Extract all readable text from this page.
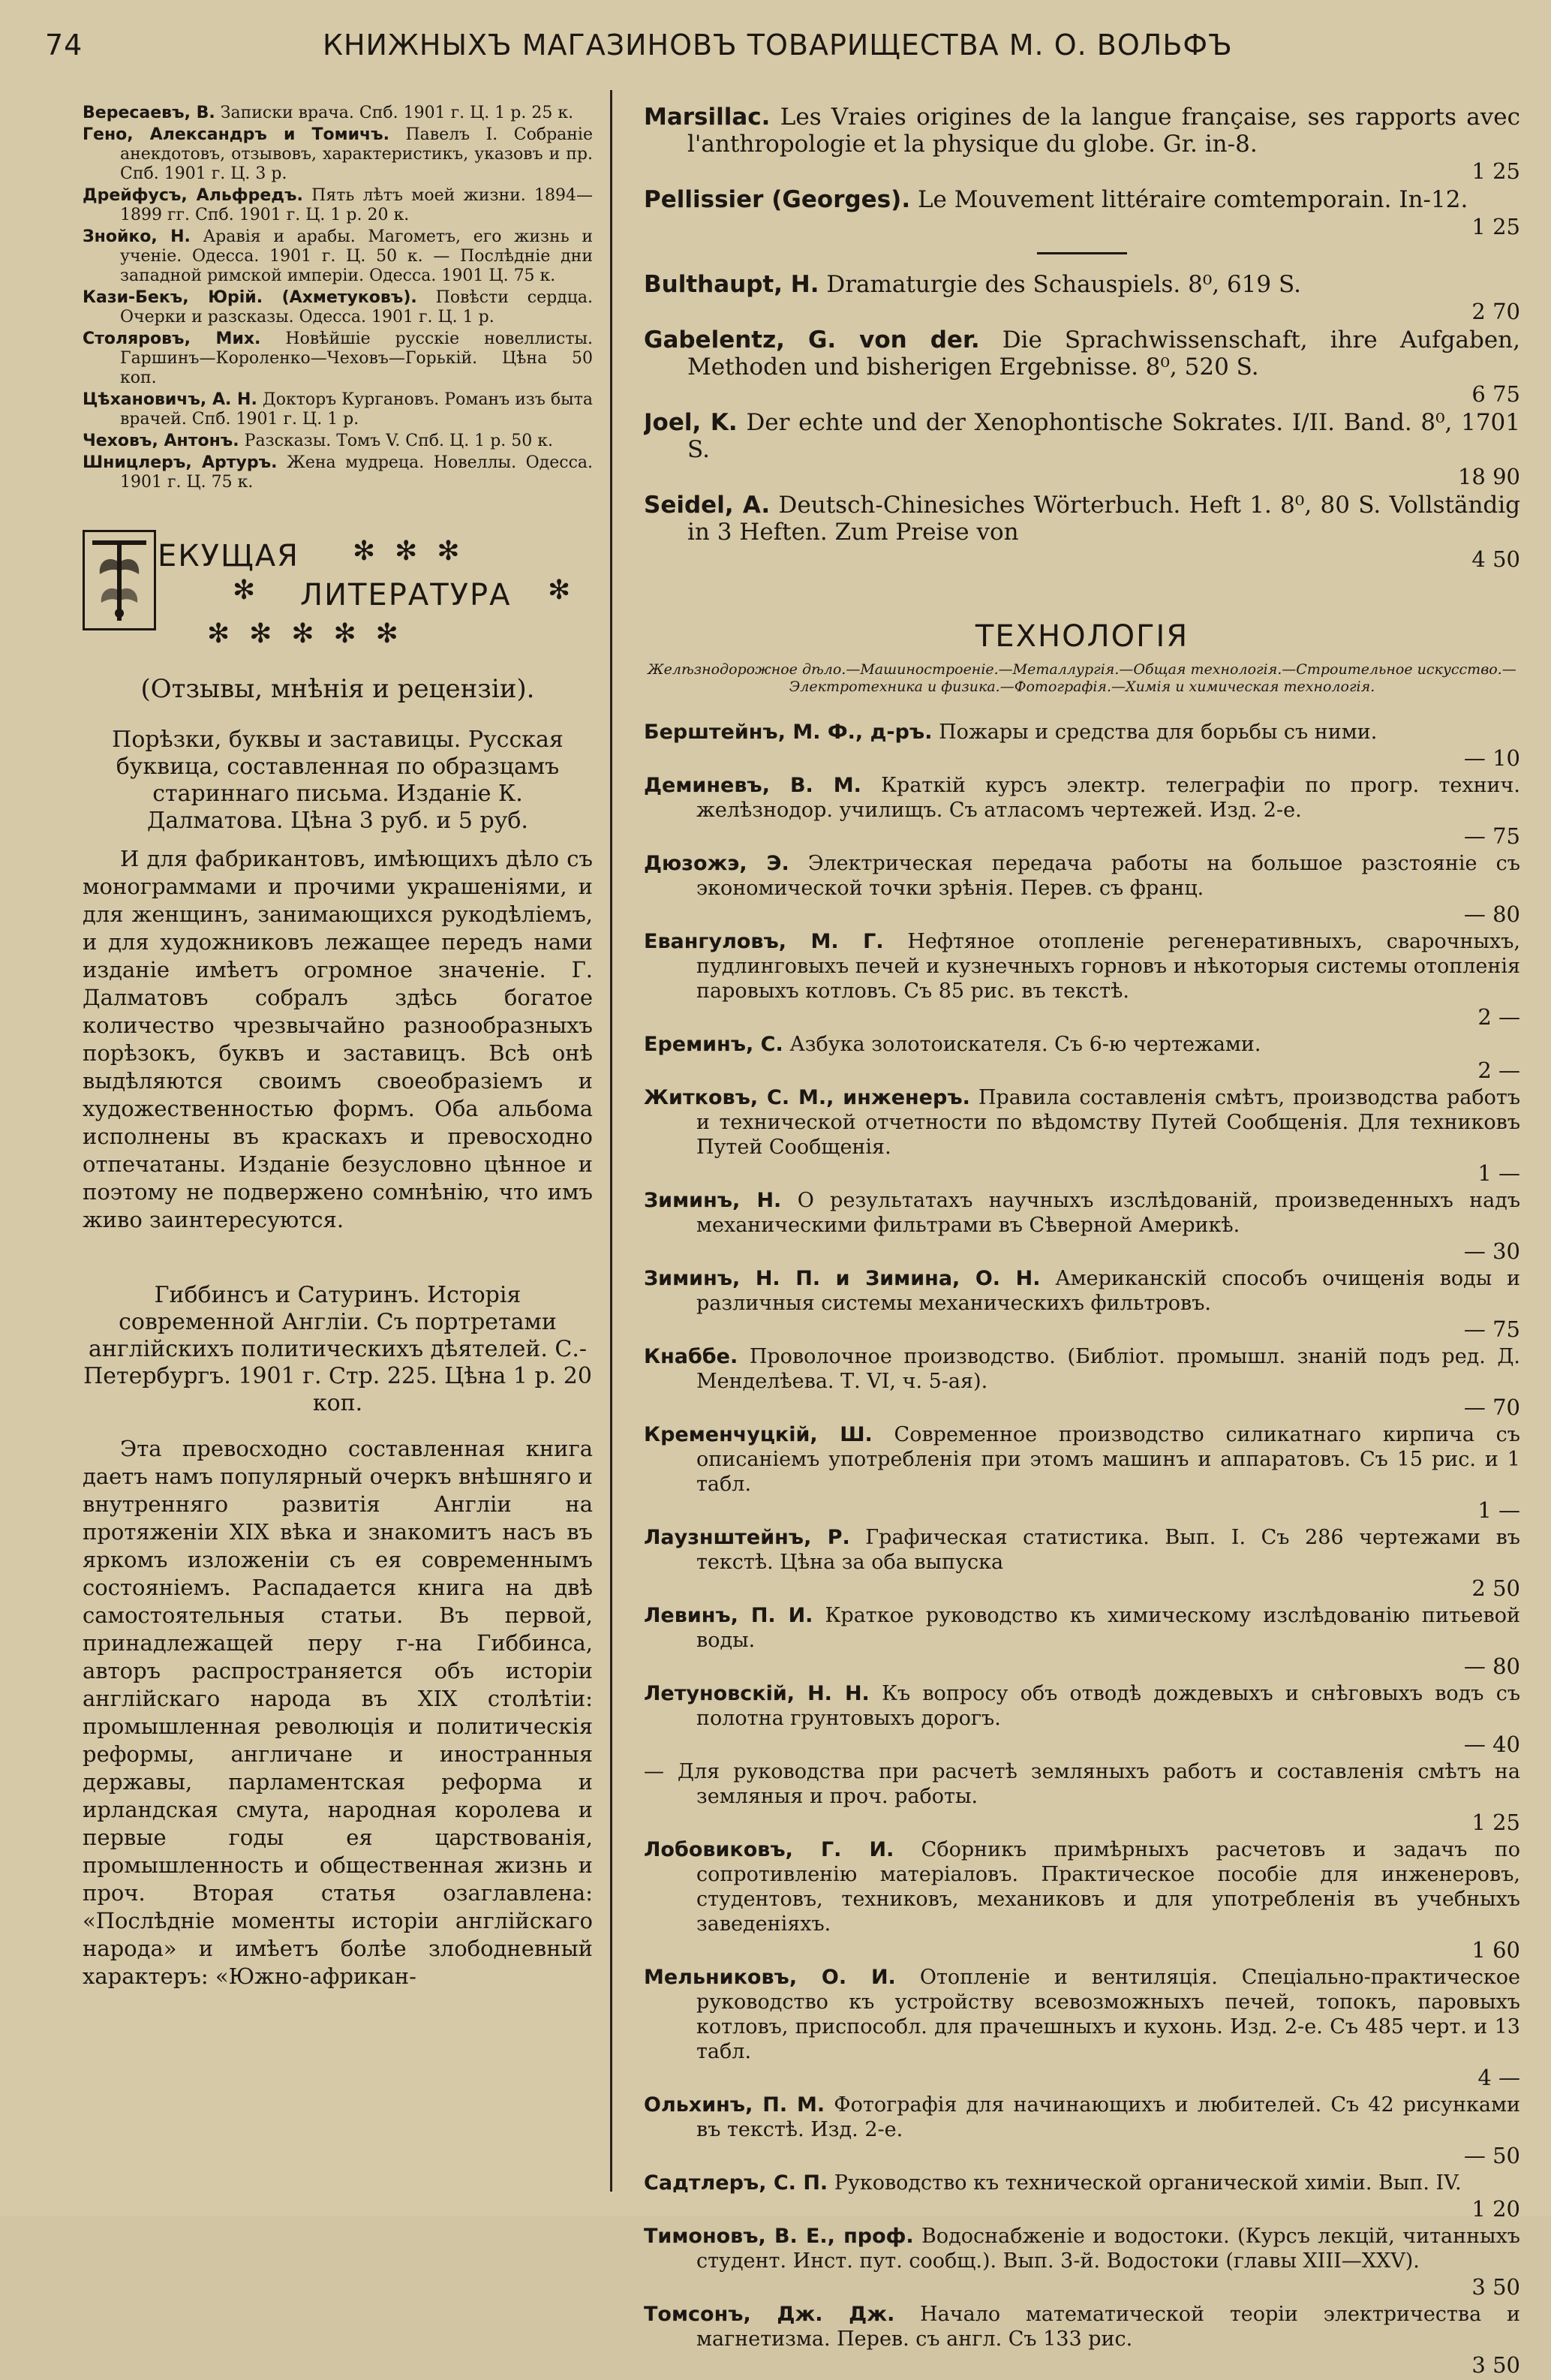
74	КНИЖНЫХЪ МАГАЗИНОВЪ ТОВАРИЩЕСТВА М. О. ВОЛЬФЪ
Вересаевъ, В. Записки врача. Спб. 1901 г. Ц. 1 р. 25 к.
Гено, Александръ и Томичъ. Павелъ I. Собраніе анекдотовъ, отзывовъ, характеристикъ, указовъ и пр. Спб. 1901 г. Ц. 3 р.
Дрейфусъ, Альфредъ. Пять лѣтъ моей жизни. 1894—1899 гг. Спб. 1901 г. Ц. 1 р. 20 к.
Знойко, Н. Аравія и арабы. Магометъ, его жизнь и ученіе. Одесса. 1901 г. Ц. 50 к. — Послѣдніе дни западной римской имперіи. Одесса. 1901 Ц. 75 к.
Кази-Бекъ, Юрій. (Ахметуковъ). Повѣсти сердца. Очерки и разсказы. Одесса. 1901 г. Ц. 1 р.
Столяровъ, Мих. Новѣйшіе русскіе новеллисты. Гаршинъ—Короленко—Чеховъ—Горькій. Цѣна 50 коп.
Цѣхановичъ, А. Н. Докторъ Кургановъ. Романъ изъ быта врачей. Спб. 1901 г. Ц. 1 р.
Чеховъ, Антонъ. Разсказы. Томъ V. Спб. Ц. 1 р. 50 к.
Шницлеръ, Артуръ. Жена мудреца. Новеллы. Одесса. 1901 г. Ц. 75 к.
ЕКУЩАЯ ✻✻✻
✻ ЛИТЕРАТУРА ✻
✻✻✻✻✻
(Отзывы, мнѣнія и рецензіи).
Порѣзки, буквы и заставицы. Русская буквица, составленная по образцамъ стариннаго письма. Изданіе К. Далматова. Цѣна 3 руб. и 5 руб.

И для фабрикантовъ, имѣющихъ дѣло съ монограммами и прочими украшеніями, и для женщинъ, занимающихся рукодѣліемъ, и для художниковъ лежащее передъ нами изданіе имѣетъ огромное значеніе. Г. Далматовъ собралъ здѣсь богатое количество чрезвычайно разнообразныхъ порѣзокъ, буквъ и заставицъ. Всѣ онѣ выдѣляются своимъ своеобразіемъ и художественностью формъ. Оба альбома исполнены въ краскахъ и превосходно отпечатаны. Изданіе безусловно цѣнное и поэтому не подвержено сомнѣнію, что имъ живо заинтересуются.

Гиббинсъ и Сатуринъ. Исторія современной Англіи. Съ портретами англійскихъ политическихъ дѣятелей. С.-Петербургъ. 1901 г. Стр. 225. Цѣна 1 р. 20 коп.

Эта превосходно составленная книга даетъ намъ популярный очеркъ внѣшняго и внутренняго развитія Англіи на протяженіи XIX вѣка и знакомитъ насъ въ яркомъ изложеніи съ ея современнымъ состояніемъ. Распадается книга на двѣ самостоятельныя статьи. Въ первой, принадлежащей перу г-на Гиббинса, авторъ распространяется объ исторіи англійскаго народа въ XIX столѣтіи: промышленная революція и политическія реформы, англичане и иностранныя державы, парламентская реформа и ирландская смута, народная королева и первые годы ея царствованія, промышленность и общественная жизнь и проч. Вторая статья озаглавлена: «Послѣдніе моменты исторіи англійскаго народа» и имѣетъ болѣе злободневный характеръ: «Южно-африкан-

Marsillac. Les Vraies origines de la langue française, ses rapports avec l'anthropologie et la physique du globe. Gr. in-8.
1 25
Pellissier (Georges). Le Mouvement littéraire comtemporain. In-12.
1 25
Bulthaupt, H. Dramaturgie des Schauspiels. 8⁰, 619 S.
2 70
Gabelentz, G. von der. Die Sprachwissenschaft, ihre Aufgaben, Methoden und bisherigen Ergebnisse. 8⁰, 520 S.
6 75
Joel, K. Der echte und der Xenophontische Sokrates. I/II. Band. 8⁰, 1701 S.
18 90
Seidel, A. Deutsch-Chinesiches Wörterbuch. Heft 1. 8⁰, 80 S. Vollständig in 3 Heften. Zum Preise von
4 50
ТЕХНОЛОГІЯ
Желѣзнодорожное дѣло.—Машиностроеніе.—Металлургія.—Общая технологія.—Строительное искусство.—Электротехника и физика.—Фотографія.—Химія и химическая технологія.
Берштейнъ, М. Ф., д-ръ. Пожары и средства для борьбы съ ними.
— 10
Деминевъ, В. М. Краткій курсъ электр. телеграфіи по прогр. технич. желѣзнодор. училищъ. Съ атласомъ чертежей. Изд. 2-е.
— 75
Дюзожэ, Э. Электрическая передача работы на большое разстояніе съ экономической точки зрѣнія. Перев. съ франц.
— 80
Евангуловъ, М. Г. Нефтяное отопленіе регенеративныхъ, сварочныхъ, пудлинговыхъ печей и кузнечныхъ горновъ и нѣкоторыя системы отопленія паровыхъ котловъ. Съ 85 рис. въ текстѣ.
2 —
Ереминъ, С. Азбука золотоискателя. Съ 6-ю чертежами.
2 —
Житковъ, С. М., инженеръ. Правила составленія смѣтъ, производства работъ и технической отчетности по вѣдомству Путей Сообщенія. Для техниковъ Путей Сообщенія.
1 —
Зиминъ, Н. О результатахъ научныхъ изслѣдованій, произведенныхъ надъ механическими фильтрами въ Сѣверной Америкѣ.
— 30
Зиминъ, Н. П. и Зимина, О. Н. Американскій способъ очищенія воды и различныя системы механическихъ фильтровъ.
— 75
Кнаббе. Проволочное производство. (Библіот. промышл. знаній подъ ред. Д. Менделѣева. Т. VI, ч. 5-ая).
— 70
Кременчуцкій, Ш. Современное производство силикатнаго кирпича съ описаніемъ употребленія при этомъ машинъ и аппаратовъ. Съ 15 рис. и 1 табл.
1 —
Лаузнштейнъ, Р. Графическая статистика. Вып. I. Съ 286 чертежами въ текстѣ. Цѣна за оба выпуска
2 50
Левинъ, П. И. Краткое руководство къ химическому изслѣдованію питьевой воды.
— 80
Летуновскій, Н. Н. Къ вопросу объ отводѣ дождевыхъ и снѣговыхъ водъ съ полотна грунтовыхъ дорогъ.
— 40
— Для руководства при расчетѣ земляныхъ работъ и составленія смѣтъ на земляныя и проч. работы.
1 25
Лобовиковъ, Г. И. Сборникъ примѣрныхъ расчетовъ и задачъ по сопротивленію матеріаловъ. Практическое пособіе для инженеровъ, студентовъ, техниковъ, механиковъ и для употребленія въ учебныхъ заведеніяхъ.
1 60
Мельниковъ, О. И. Отопленіе и вентиляція. Спеціально-практическое руководство къ устройству всевозможныхъ печей, топокъ, паровыхъ котловъ, приспособл. для прачешныхъ и кухонь. Изд. 2-е. Съ 485 черт. и 13 табл.
4 —
Ольхинъ, П. М. Фотографія для начинающихъ и любителей. Съ 42 рисунками въ текстѣ. Изд. 2-е.
— 50
Садтлеръ, С. П. Руководство къ технической органической химіи. Вып. IV.
1 20
Тимоновъ, В. Е., проф. Водоснабженіе и водостоки. (Курсъ лекцій, читанныхъ студент. Инст. пут. сообщ.). Вып. 3-й. Водостоки (главы XIII—XXV).
3 50
Томсонъ, Дж. Дж. Начало математической теоріи электричества и магнетизма. Перев. съ англ. Съ 133 рис.
3 50
